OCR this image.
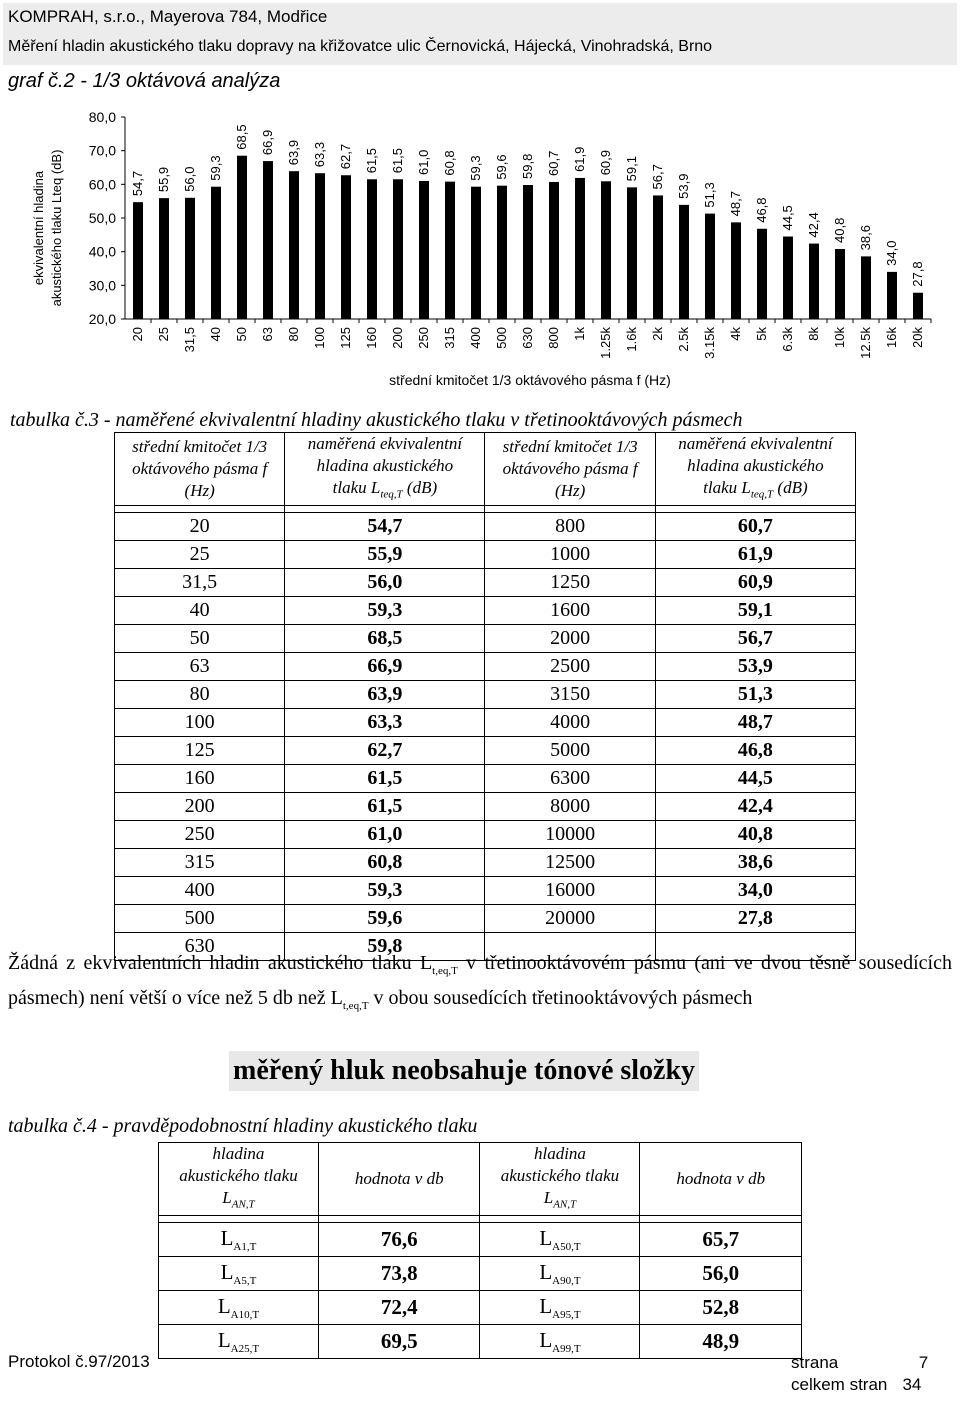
KOMPRAH, s.r.o., Mayerova 784, Modřice
Měření hladin akustického tlaku dopravy na křižovatce ulic Černovická, Hájecká, Vinohradská, Brno
graf č.2 - 1/3 oktávová analýza
ekvivalentní hladina akustického tlaku Lteq (dB)
20,0
30,0
40,0
50,0
60,0
70,0
80,0
54,7
20
55,9
25
56,0
31,5
59,3
40
68,5
50
66,9
63
63,9
80
63,3
100
62,7
125
61,5
160
61,5
200
61,0
250
60,8
315
59,3
400
59,6
500
59,8
630
60,7
800
61,9
1k
60,9
1.25k
59,1
1.6k
56,7
2k
53,9
2.5k
51,3
3.15k
48,7
4k
46,8
5k
44,5
6.3k
42,4
8k
40,8
10k
38,6
12.5k
34,0
16k
27,8
20k
střední kmitočet 1/3 oktávového pásma f (Hz)
tabulka č.3 - naměřené ekvivalentní hladiny akustického tlaku v třetinooktávových pásmech
střední kmitočet 1/3
oktávového pásma f
(Hz)	naměřená ekvivalentní
hladina akustického
tlaku $L_{teq,T}$ (dB)	střední kmitočet 1/3
oktávového pásma f
(Hz)	naměřená ekvivalentní
hladina akustického
tlaku $L_{teq,T}$ (dB)

20	54,7	800	60,7
25	55,9	1000	61,9
31,5	56,0	1250	60,9
40	59,3	1600	59,1
50	68,5	2000	56,7
63	66,9	2500	53,9
80	63,9	3150	51,3
100	63,3	4000	48,7
125	62,7	5000	46,8
160	61,5	6300	44,5
200	61,5	8000	42,4
250	61,0	10000	40,8
315	60,8	12500	38,6
400	59,3	16000	34,0
500	59,6	20000	27,8
630	59,8		
Žádná z ekvivalentních hladin akustického tlaku $L_{t,eq,T}$ v třetinooktávovém pásmu (ani ve dvou těsně sousedících pásmech) není větší o více než 5 db než $L_{t,eq,T}$ v obou sousedících třetinooktávových pásmech
měřený hluk neobsahuje tónové složky
tabulka č.4 - pravděpodobnostní hladiny akustického tlaku
hladina
akustického tlaku
$L_{AN,T}$	hodnota v db	hladina
akustického tlaku
$L_{AN,T}$	hodnota v db

$L_{A1,T}$	76,6	$L_{A50,T}$	65,7
$L_{A5,T}$	73,8	$L_{A90,T}$	56,0
$L_{A10,T}$	72,4	$L_{A95,T}$	52,8
$L_{A25,T}$	69,5	$L_{A99,T}$	48,9
Protokol č.97/2013	strana	7
celkem stran 34
